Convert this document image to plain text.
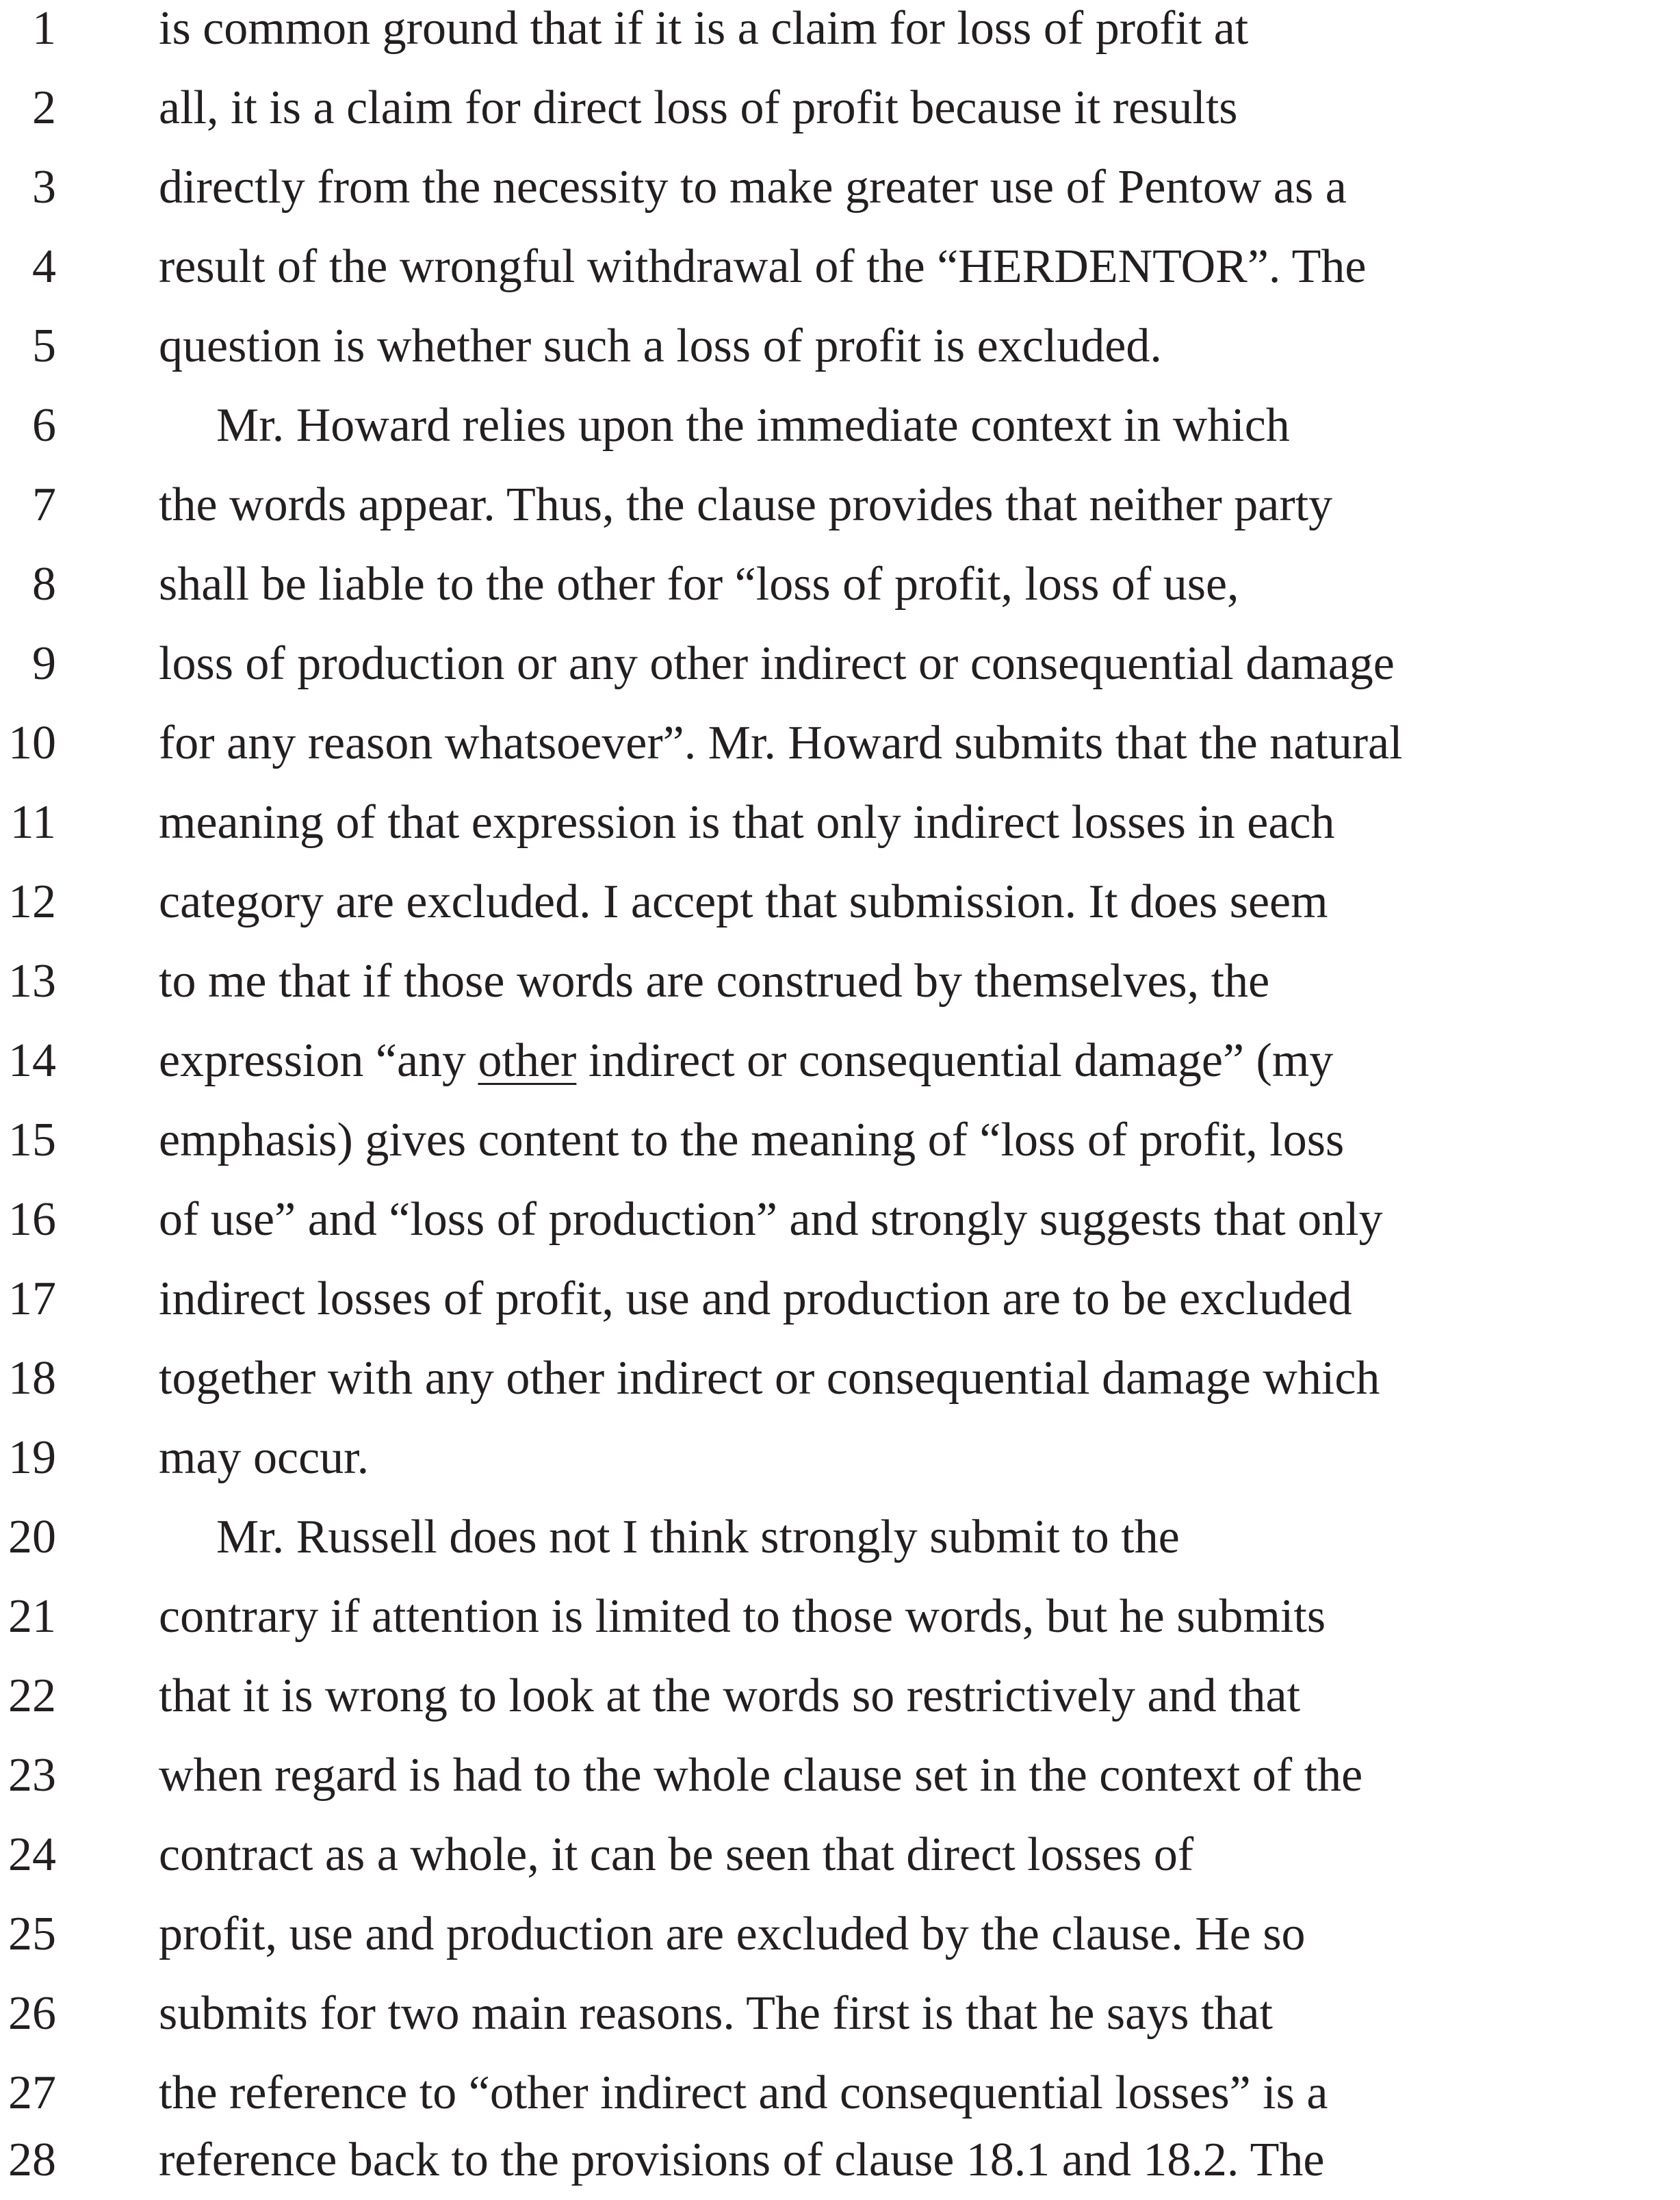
1 is common ground that if it is a claim for loss of profit at
2 all, it is a claim for direct loss of profit because it results
3 directly from the necessity to make greater use of Pentow as a
4 result of the wrongful withdrawal of the “HERDENTOR”. The
5 question is whether such a loss of profit is excluded.
6	Mr. Howard relies upon the immediate context in which
7 the words appear. Thus, the clause provides that neither party
8 shall be liable to the other for “loss of profit, loss of use,
9 loss of production or any other indirect or consequential damage
10 for any reason whatsoever”. Mr. Howard submits that the natural
11 meaning of that expression is that only indirect losses in each
12 category are excluded. I accept that submission. It does seem
13 to me that if those words are construed by themselves, the
14 expression “any other indirect or consequential damage” (my
15 emphasis) gives content to the meaning of “loss of profit, loss
16 of use” and “loss of production” and strongly suggests that only
17 indirect losses of profit, use and production are to be excluded
18 together with any other indirect or consequential damage which
19 may occur.
20	Mr. Russell does not I think strongly submit to the
21 contrary if attention is limited to those words, but he submits
22 that it is wrong to look at the words so restrictively and that
23 when regard is had to the whole clause set in the context of the
24 contract as a whole, it can be seen that direct losses of
25 profit, use and production are excluded by the clause. He so
26 submits for two main reasons. The first is that he says that
27 the reference to “other indirect and consequential losses” is a
28 reference back to the provisions of clause 18.1 and 18.2. The
